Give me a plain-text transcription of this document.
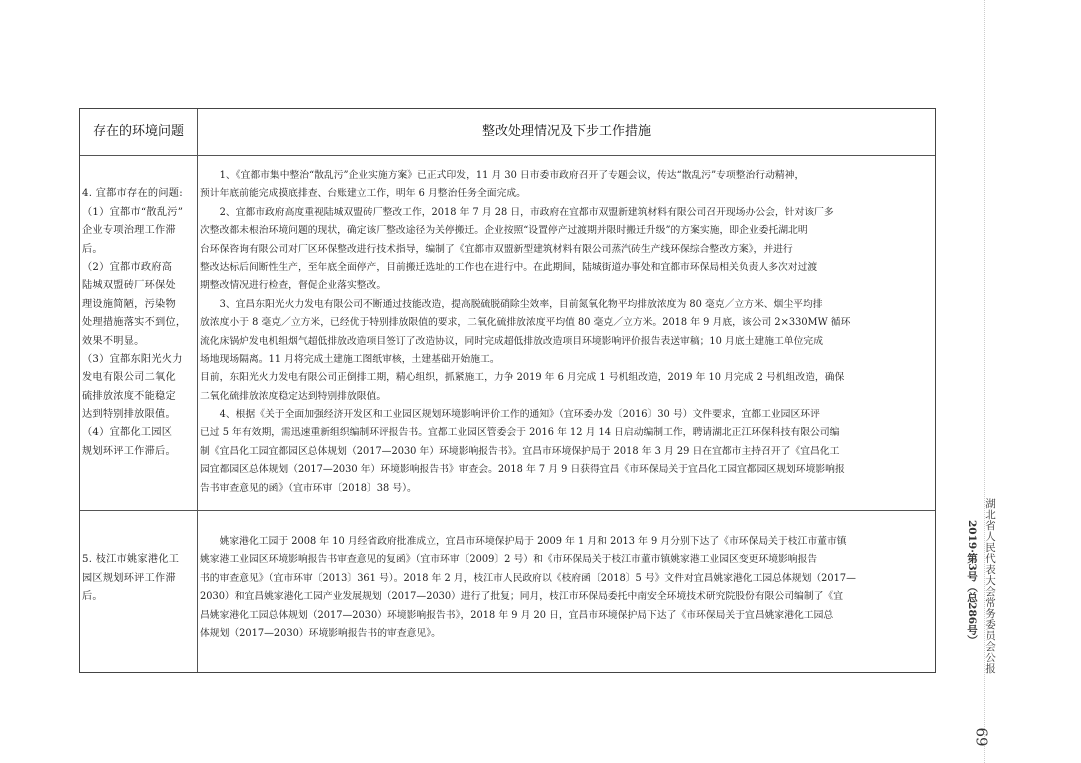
存在的环境问题	整改处理情况及下步工作措施
4. 宜都市存在的问题:
（1）宜都市“散乱污”
企业专项治理工作滞
后。
（2）宜都市政府高
陆城双盟砖厂环保处
理设施简陋，污染物
处理措施落实不到位，
效果不明显。
（3）宜都东阳光火力
发电有限公司二氧化
硫排放浓度不能稳定
达到特别排放限值。
（4）宜都化工园区
规划环评工作滞后。
　　1、《宜都市集中整治“散乱污”企业实施方案》已正式印发，11 月 30 日市委市政府召开了专题会议，传达“散乱污”专项整治行动精神，
预计年底前能完成摸底排查、台账建立工作，明年 6 月整治任务全面完成。
　　2、宜都市政府高度重视陆城双盟砖厂整改工作，2018 年 7 月 28 日，市政府在宜都市双盟新建筑材料有限公司召开现场办公会，针对该厂多
次整改都未根治环境问题的现状，确定该厂整改途径为关停搬迁。企业按照“设置停产过渡期并限时搬迁升级”的方案实施，即企业委托湖北明
台环保咨询有限公司对厂区环保整改进行技术指导，编制了《宜都市双盟新型建筑材料有限公司蒸汽砖生产线环保综合整改方案》，并进行
整改达标后间断性生产，至年底全面停产，目前搬迁选址的工作也在进行中。在此期间，陆城街道办事处和宜都市环保局相关负责人多次对过渡
期整改情况进行检查，督促企业落实整改。
　　3、宜昌东阳光火力发电有限公司不断通过技能改造，提高脱硫脱硝除尘效率，目前氮氧化物平均排放浓度为 80 毫克／立方米、烟尘平均排
放浓度小于 8 毫克／立方米，已经优于特别排放限值的要求，二氧化硫排放浓度平均值 80 毫克／立方米。2018 年 9 月底，该公司 2×330MW 循环
流化床锅炉发电机组烟气超低排放改造项目签订了改造协议，同时完成超低排放改造项目环境影响评价报告表送审稿；10 月底土建施工单位完成
场地现场隔离。11 月将完成土建施工图纸审核，土建基础开始施工。
目前，东阳光火力发电有限公司正倒排工期，精心组织，抓紧施工，力争 2019 年 6 月完成 1 号机组改造，2019 年 10 月完成 2 号机组改造，确保
二氧化硫排放浓度稳定达到特别排放限值。
　　4、根据《关于全面加强经济开发区和工业园区规划环境影响评价工作的通知》（宜环委办发〔2016〕30 号）文件要求，宜都工业园区环评
已过 5 年有效期，需迅速重新组织编制环评报告书。宜都工业园区管委会于 2016 年 12 月 14 日启动编制工作，聘请湖北正江环保科技有限公司编
制《宜昌化工园宜都园区总体规划（2017—2030 年）环境影响报告书》。宜昌市环境保护局于 2018 年 3 月 29 日在宜都市主持召开了《宜昌化工
园宜都园区总体规划（2017—2030 年）环境影响报告书》审查会。2018 年 7 月 9 日获得宜昌《市环保局关于宜昌化工园宜都园区规划环境影响报
告书审查意见的函》（宜市环审〔2018〕38 号）。
5. 枝江市姚家港化工
园区规划环评工作滞
后。
　　姚家港化工园于 2008 年 10 月经省政府批准成立，宜昌市环境保护局于 2009 年 1 月和 2013 年 9 月分别下达了《市环保局关于枝江市董市镇
姚家港工业园区环境影响报告书审查意见的复函》（宜市环审〔2009〕2 号）和《市环保局关于枝江市董市镇姚家港工业园区变更环境影响报告
书的审查意见》（宜市环审〔2013〕361 号）。2018 年 2 月，枝江市人民政府以《枝府函〔2018〕5 号》文件对宜昌姚家港化工园总体规划（2017—
2030）和宜昌姚家港化工园产业发展规划（2017—2030）进行了批复；同月，枝江市环保局委托中南安全环境技术研究院股份有限公司编制了《宜
昌姚家港化工园总体规划（2017—2030）环境影响报告书》，2018 年 9 月 20 日，宜昌市环境保护局下达了《市环保局关于宜昌姚家港化工园总
体规划（2017—2030）环境影响报告书的审查意见》。	湖北省人民代表大会常务委员会公报
2019·第3号（总286号）
69
